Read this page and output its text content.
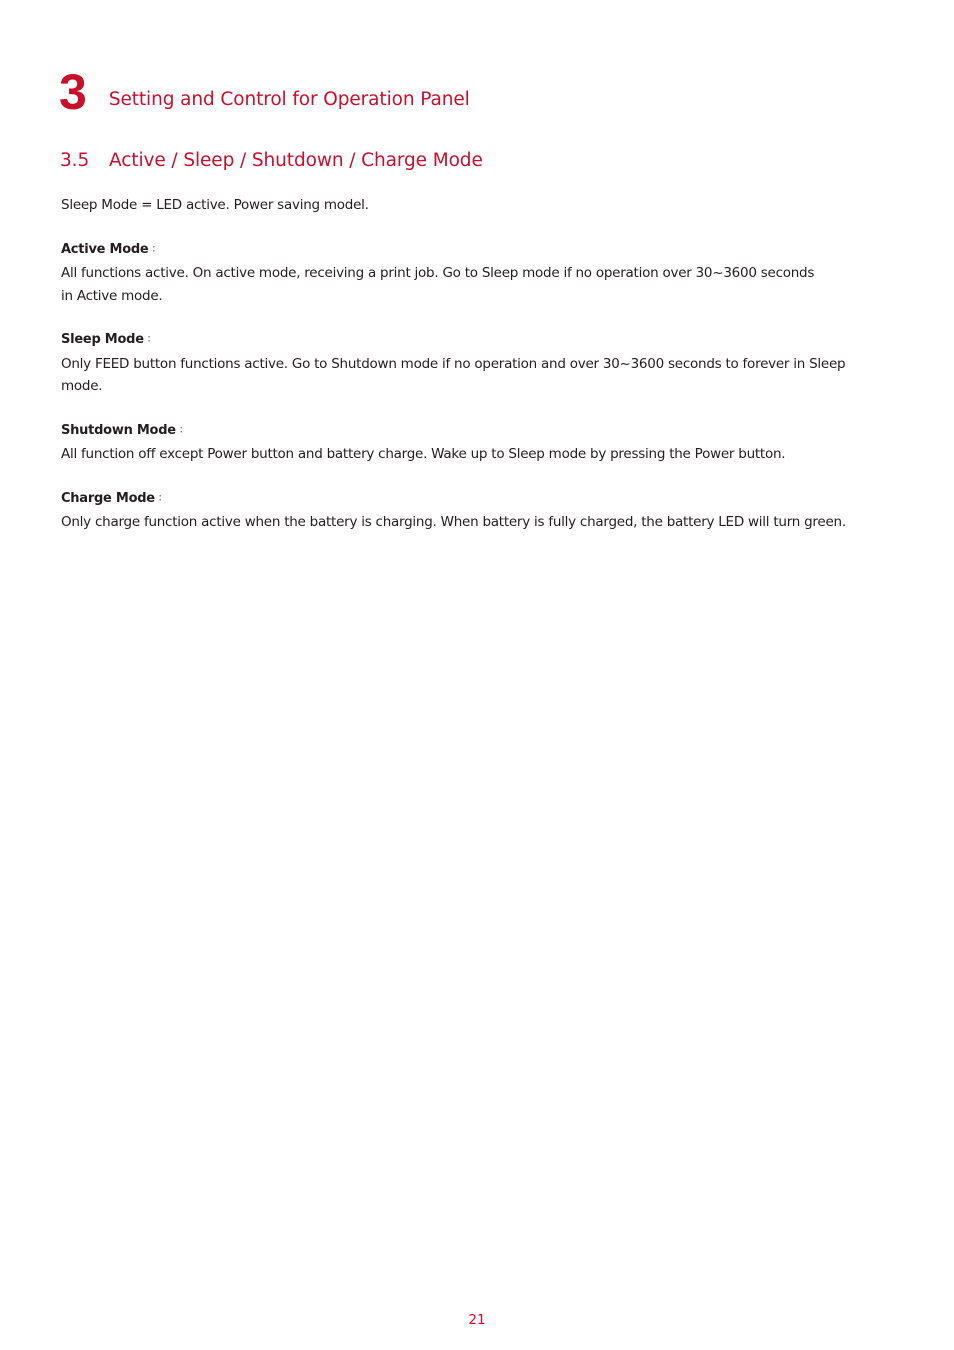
3 Setting and Control for Operation Panel
3.5	Active / Sleep / Shutdown / Charge Mode

Sleep Mode = LED active. Power saving model.

Active Mode ：

All functions active. On active mode, receiving a print job. Go to Sleep mode if no operation over 30~3600 seconds

in Active mode.

Sleep Mode ：

Only FEED button functions active. Go to Shutdown mode if no operation and over 30~3600 seconds to forever in Sleep

mode.

Shutdown Mode ：

All function off except Power button and battery charge. Wake up to Sleep mode by pressing the Power button.

Charge Mode ：

Only charge function active when the battery is charging. When battery is fully charged, the battery LED will turn green.

21
